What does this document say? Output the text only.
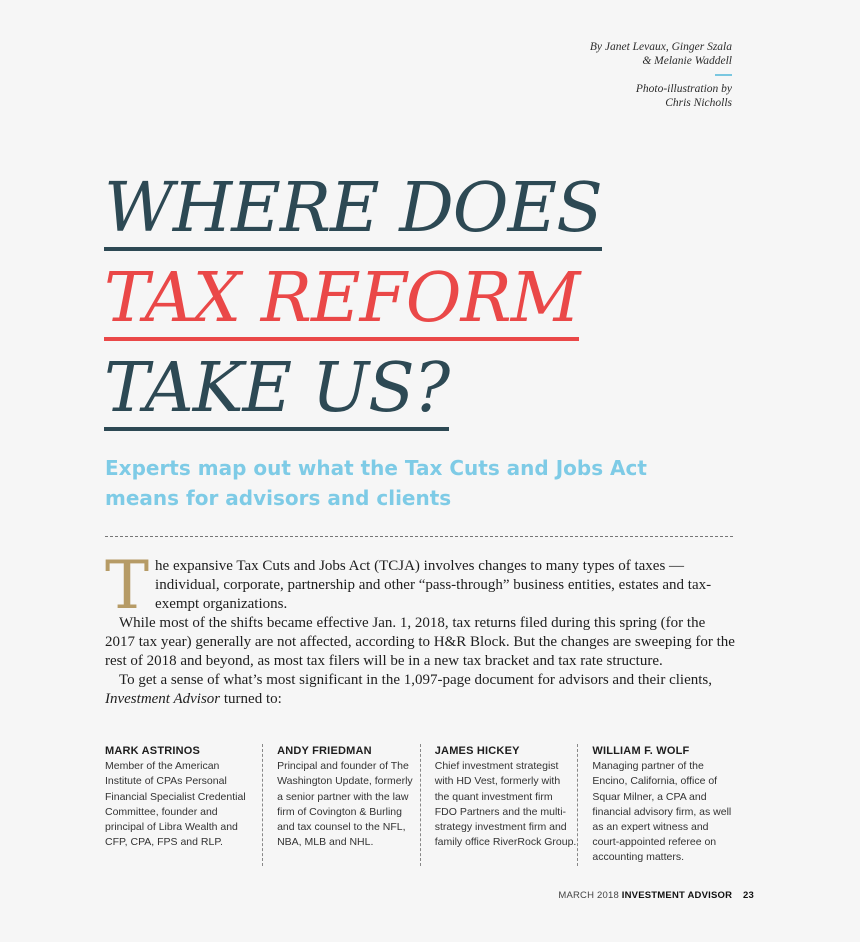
By Janet Levaux, Ginger Szala
& Melanie Waddell
Photo-illustration by
Chris Nicholls
WHERE DOES
TAX REFORM
TAKE US?
Experts map out what the Tax Cuts and Jobs Act
means for advisors and clients

The expansive Tax Cuts and Jobs Act (TCJA) involves changes to many types of taxes — individual, corporate, partnership and other “pass-through” business entities, estates and tax-exempt organizations.

While most of the shifts became effective Jan. 1, 2018, tax returns filed during this spring (for the 2017 tax year) generally are not affected, according to H&R Block. But the changes are sweeping for the rest of 2018 and beyond, as most tax filers will be in a new tax bracket and tax rate structure.

To get a sense of what’s most significant in the 1,097-page document for advisors and their clients, Investment Advisor turned to:

MARK ASTRINOS
Member of the American Institute of CPAs Personal Financial Specialist Credential Committee, founder and principal of Libra Wealth and CFP, CPA, FPS and RLP.
ANDY FRIEDMAN
Principal and founder of The Washington Update, formerly a senior partner with the law firm of Covington & Burling and tax counsel to the NFL, NBA, MLB and NHL.
JAMES HICKEY
Chief investment strategist with HD Vest, formerly with the quant investment firm FDO Partners and the multi-strategy investment firm and family office RiverRock Group.
WILLIAM F. WOLF
Managing partner of the Encino, California, office of Squar Milner, a CPA and financial advisory firm, as well as an expert witness and court-appointed referee on accounting matters.
MARCH 2018 INVESTMENT ADVISOR 23
